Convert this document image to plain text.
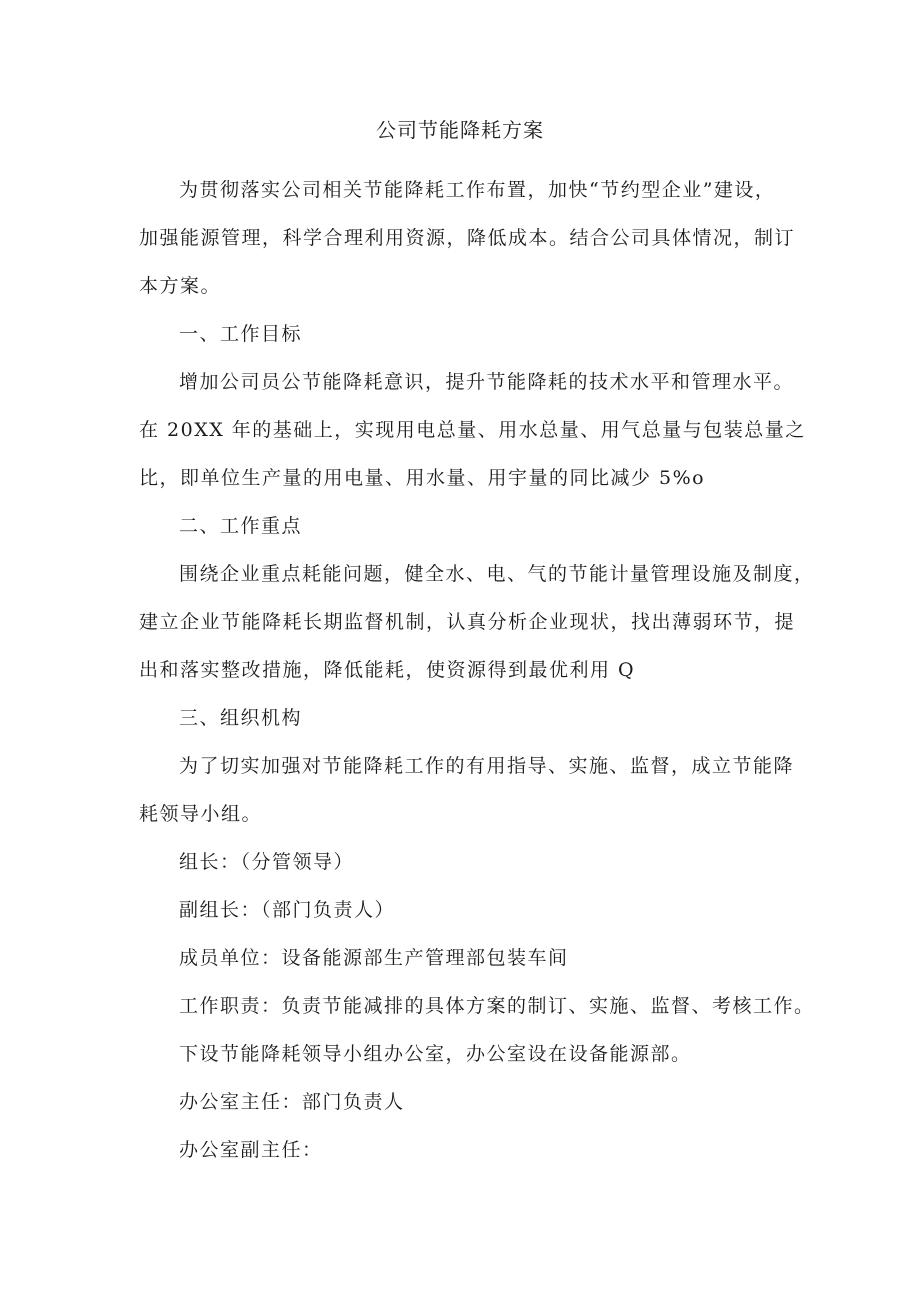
公司节能降耗方案
为贯彻落实公司相关节能降耗工作布置，加快“节约型企业”建设，
加强能源管理，科学合理利用资源，降低成本。结合公司具体情况，制订
本方案。
一、工作目标
增加公司员公节能降耗意识，提升节能降耗的技术水平和管理水平。
在 20XX 年的基础上，实现用电总量、用水总量、用气总量与包装总量之
比，即单位生产量的用电量、用水量、用宇量的同比减少 5%o
二、工作重点
围绕企业重点耗能问题，健全水、电、气的节能计量管理设施及制度，
建立企业节能降耗长期监督机制，认真分析企业现状，找出薄弱环节，提
出和落实整改措施，降低能耗，使资源得到最优利用 Q
三、组织机构
为了切实加强对节能降耗工作的有用指导、实施、监督，成立节能降
耗领导小组。
组长：（分管领导）
副组长：（部门负责人）
成员单位：设备能源部生产管理部包装车间
工作职责：负责节能减排的具体方案的制订、实施、监督、考核工作。
下设节能降耗领导小组办公室，办公室设在设备能源部。
办公室主任：部门负责人
办公室副主任：
